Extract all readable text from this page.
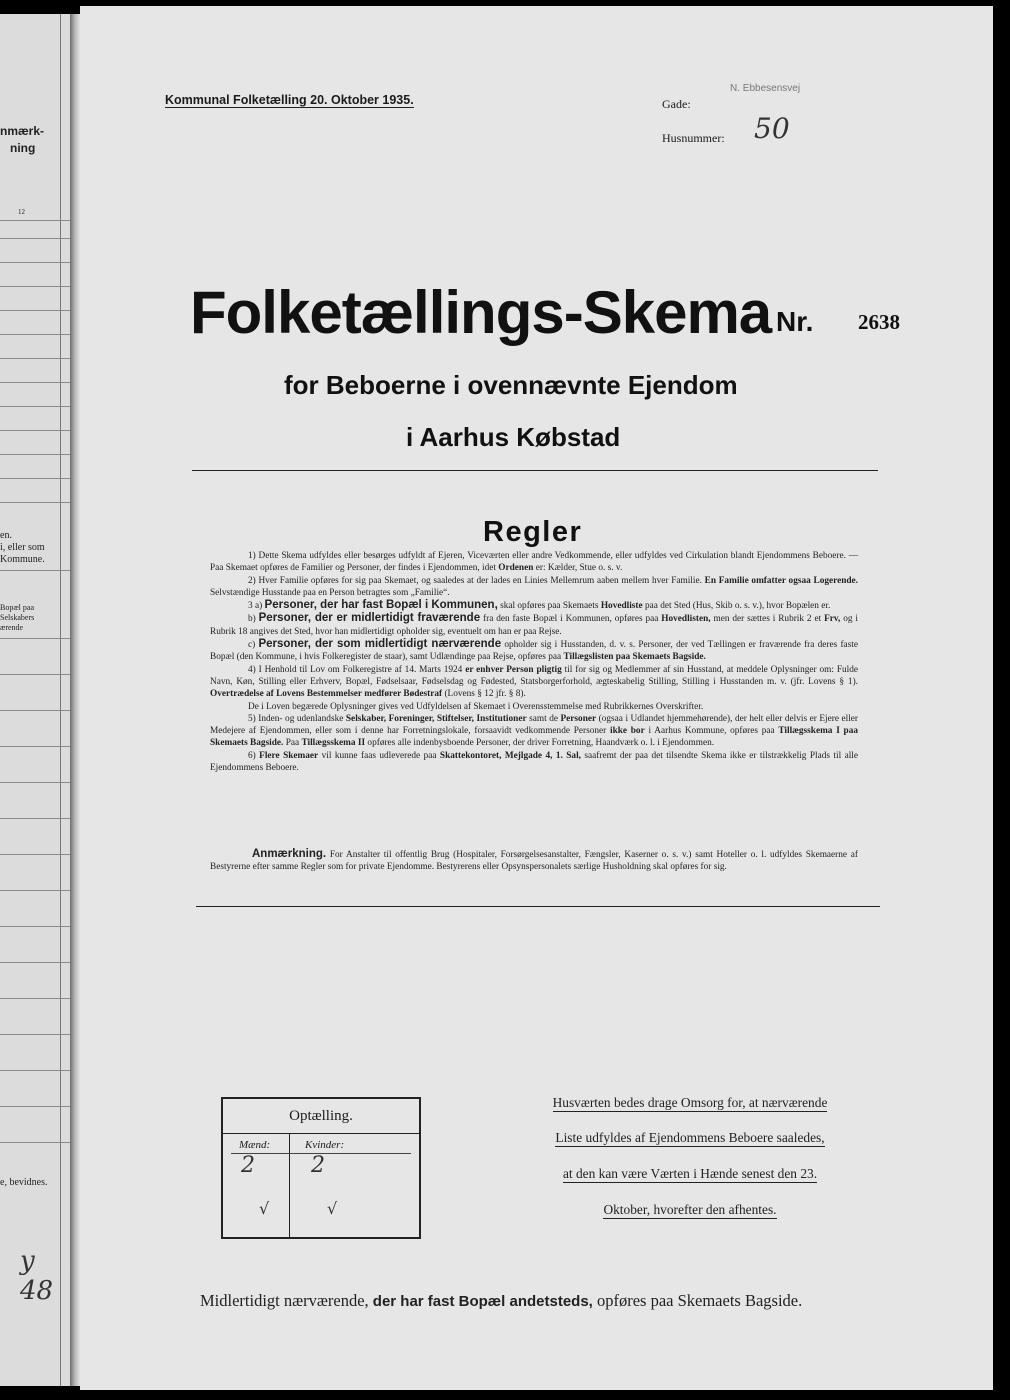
nmærk-
ning
12
en.
i, eller som
Kommune.
Bopæl paa
Selskabers
ærende
e, bevidnes.
y 48
Kommunal Folketælling 20. Oktober 1935.	Gade:
N. Ebbesensvej
Husnummer: 50
Folketællings-Skema Nr. 2638
for Beboerne i ovennævnte Ejendom
i Aarhus Købstad
Regler

1) Dette Skema udfyldes eller besørges udfyldt af Ejeren, Viceværten eller andre Vedkommende, eller udfyldes ved Cirkulation blandt Ejendommens Beboere. — Paa Skemaet opføres de Familier og Personer, der findes i Ejendommen, idet Ordenen er: Kælder, Stue o. s. v.

2) Hver Familie opføres for sig paa Skemaet, og saaledes at der lades en Linies Mellemrum aaben mellem hver Familie. En Familie omfatter ogsaa Logerende. Selvstændige Husstande paa en Person betragtes som „Familie“.

3 a) Personer, der har fast Bopæl i Kommunen, skal opføres paa Skemaets Hovedliste paa det Sted (Hus, Skib o. s. v.), hvor Bopælen er.

b) Personer, der er midlertidigt fraværende fra den faste Bopæl i Kommunen, opføres paa Hovedlisten, men der sættes i Rubrik 2 et Frv, og i Rubrik 18 angives det Sted, hvor han midlertidigt opholder sig, eventuelt om han er paa Rejse.

c) Personer, der som midlertidigt nærværende opholder sig i Husstanden, d. v. s. Personer, der ved Tællingen er fraværende fra deres faste Bopæl (den Kommune, i hvis Folkeregister de staar), samt Udlændinge paa Rejse, opføres paa Tillægslisten paa Skemaets Bagside.

4) I Henhold til Lov om Folkeregistre af 14. Marts 1924 er enhver Person pligtig til for sig og Medlemmer af sin Husstand, at meddele Oplysninger om: Fulde Navn, Køn, Stilling eller Erhverv, Bopæl, Fødselsaar, Fødselsdag og Fødested, Statsborgerforhold, ægteskabelig Stilling, Stilling i Husstanden m. v. (jfr. Lovens § 1). Overtrædelse af Lovens Bestemmelser medfører Bødestraf (Lovens § 12 jfr. § 8).

De i Loven begærede Oplysninger gives ved Udfyldelsen af Skemaet i Overensstemmelse med Rubrikkernes Overskrifter.

5) Inden- og udenlandske Selskaber, Foreninger, Stiftelser, Institutioner samt de Personer (ogsaa i Udlandet hjemmehørende), der helt eller delvis er Ejere eller Medejere af Ejendommen, eller som i denne har Forretningslokale, forsaavidt vedkommende Personer ikke bor i Aarhus Kommune, opføres paa Tillægsskema I paa Skemaets Bagside. Paa Tillægsskema II opføres alle indenbysboende Personer, der driver Forretning, Haandværk o. l. i Ejendommen.

6) Flere Skemaer vil kunne faas udleverede paa Skattekontoret, Mejlgade 4, 1. Sal, saafremt der paa det tilsendte Skema ikke er tilstrækkelig Plads til alle Ejendommens Beboere.

Anmærkning. For Anstalter til offentlig Brug (Hospitaler, Forsørgelsesanstalter, Fængsler, Kaserner o. s. v.) samt Hoteller o. l. udfyldes Skemaerne af Bestyrerne efter samme Regler som for private Ejendomme. Bestyrerens eller Opsynspersonalets særlige Husholdning skal opføres for sig.

Optælling.
Mænd:	Kvinder:
2	2
√	√
Husværten bedes drage Omsorg for, at nærværende
Liste udfyldes af Ejendommens Beboere saaledes,
at den kan være Værten i Hænde senest den 23.
Oktober, hvorefter den afhentes.
Midlertidigt nærværende, der har fast Bopæl andetsteds, opføres paa Skemaets Bagside.
